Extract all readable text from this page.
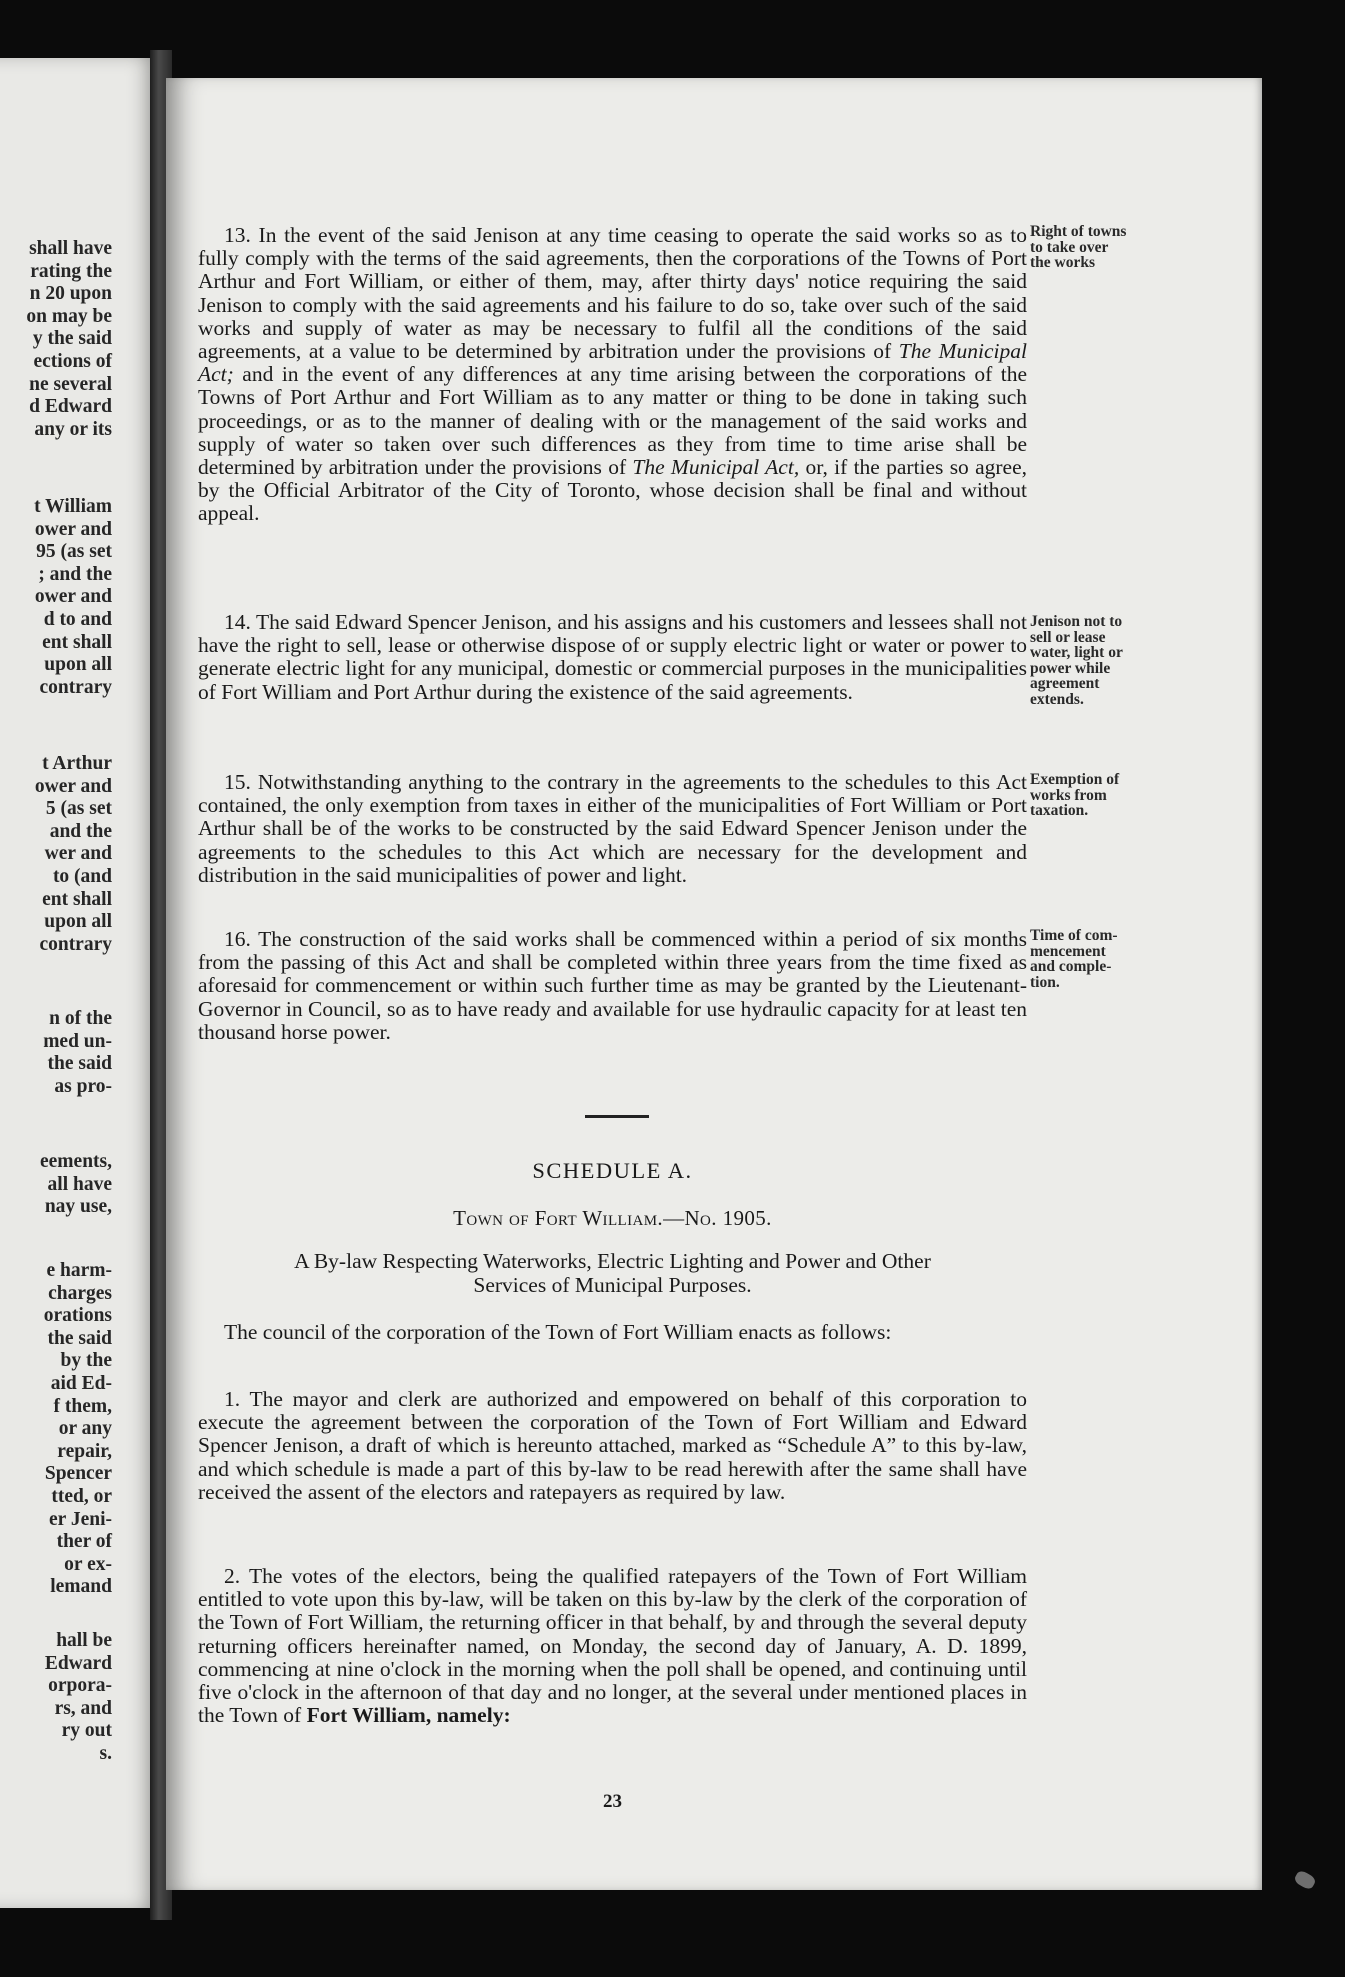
shall have
rating the
n 20 upon
on may be
y the said
ections of
ne several
d Edward
any or its
t William
ower and
95 (as set
; and the
ower and
d to and
ent shall
upon all
contrary
t Arthur
ower and
5 (as set
and the
wer and
to (and
ent shall
upon all
contrary
n of the
med un-
the said
as pro-
eements,
all have
nay use,
e harm-
charges
orations
the said
by the
aid Ed-
f them,
or any
repair,
Spencer
tted, or
er Jeni-
ther of
or ex-
lemand
hall be
Edward
orpora-
rs, and
ry out
s.

13. In the event of the said Jenison at any time ceasing to operate the said works so as to fully comply with the terms of the said agreements, then the corporations of the Towns of Port Arthur and Fort William, or either of them, may, after thirty days' notice requiring the said Jenison to comply with the said agreements and his failure to do so, take over such of the said works and supply of water as may be necessary to fulfil all the conditions of the said agreements, at a value to be determined by arbitration under the provisions of The Municipal Act; and in the event of any differences at any time arising between the corporations of the Towns of Port Arthur and Fort William as to any matter or thing to be done in taking such proceedings, or as to the manner of dealing with or the management of the said works and supply of water so taken over such differences as they from time to time arise shall be determined by arbitration under the provisions of The Municipal Act, or, if the parties so agree, by the Official Arbitrator of the City of Toronto, whose decision shall be final and without appeal.

Right of towns
to take over
the works

14. The said Edward Spencer Jenison, and his assigns and his customers and lessees shall not have the right to sell, lease or otherwise dispose of or supply electric light or water or power to generate electric light for any municipal, domestic or commercial purposes in the municipalities of Fort William and Port Arthur during the existence of the said agreements.

Jenison not to
sell or lease
water, light or
power while
agreement
extends.

15. Notwithstanding anything to the contrary in the agreements to the schedules to this Act contained, the only exemption from taxes in either of the municipalities of Fort William or Port Arthur shall be of the works to be constructed by the said Edward Spencer Jenison under the agreements to the schedules to this Act which are necessary for the development and distribution in the said municipalities of power and light.

Exemption of
works from
taxation.

16. The construction of the said works shall be commenced within a period of six months from the passing of this Act and shall be completed within three years from the time fixed as aforesaid for commencement or within such further time as may be granted by the Lieutenant-Governor in Council, so as to have ready and available for use hydraulic capacity for at least ten thousand horse power.

Time of com-
mencement
and comple-
tion.
SCHEDULE A.
Town of Fort William.—No. 1905.
A By-law Respecting Waterworks, Electric Lighting and Power and Other
Services of Municipal Purposes.

The council of the corporation of the Town of Fort William enacts as follows:

1. The mayor and clerk are authorized and empowered on behalf of this corporation to execute the agreement between the corporation of the Town of Fort William and Edward Spencer Jenison, a draft of which is hereunto attached, marked as “Schedule A” to this by-law, and which schedule is made a part of this by-law to be read herewith after the same shall have received the assent of the electors and ratepayers as required by law.

2. The votes of the electors, being the qualified ratepayers of the Town of Fort William entitled to vote upon this by-law, will be taken on this by-law by the clerk of the corporation of the Town of Fort William, the returning officer in that behalf, by and through the several deputy returning officers hereinafter named, on Monday, the second day of January, A. D. 1899, commencing at nine o'clock in the morning when the poll shall be opened, and continuing until five o'clock in the afternoon of that day and no longer, at the several under mentioned places in the Town of Fort William, namely:

23
